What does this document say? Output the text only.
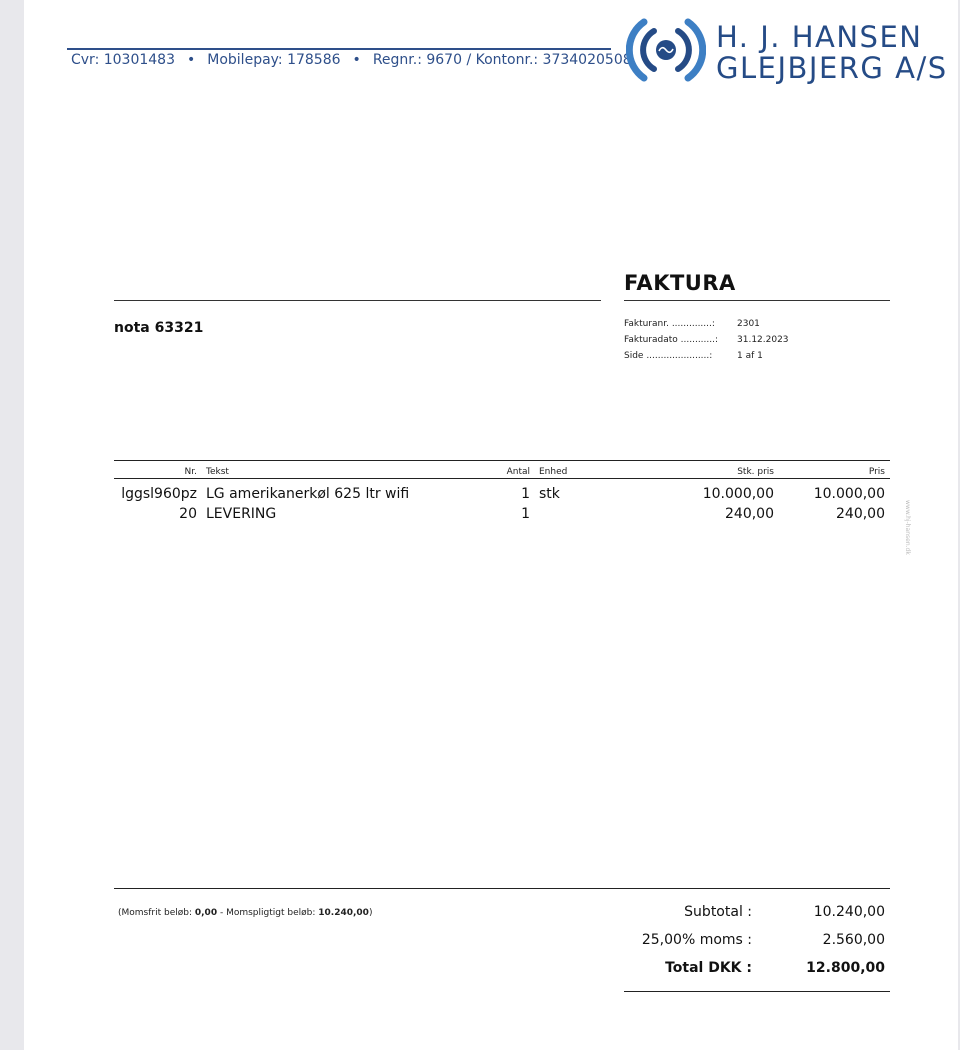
Cvr: 10301483 • Mobilepay: 178586 • Regnr.: 9670 / Kontonr.: 3734020508
H. J. HANSEN
GLEJBJERG A/S
FAKTURA
nota 63321	Fakturanr. ..............: 2301
Fakturadato ............: 31.12.2023
Side ......................:	1 af 1
Nr. Tekst	Antal Enhed	Stk. pris	Pris
lggsl960pz LG amerikanerkøl 625 ltr wifi	1 stk	10.000,00	10.000,00
20 LEVERING	1	240,00	240,00	www.hj-hansen.dk
(Momsfrit beløb: 0,00 - Momspligtigt beløb: 10.240,00)	Subtotal :	10.240,00
25,00% moms :	2.560,00
Total DKK :	12.800,00
